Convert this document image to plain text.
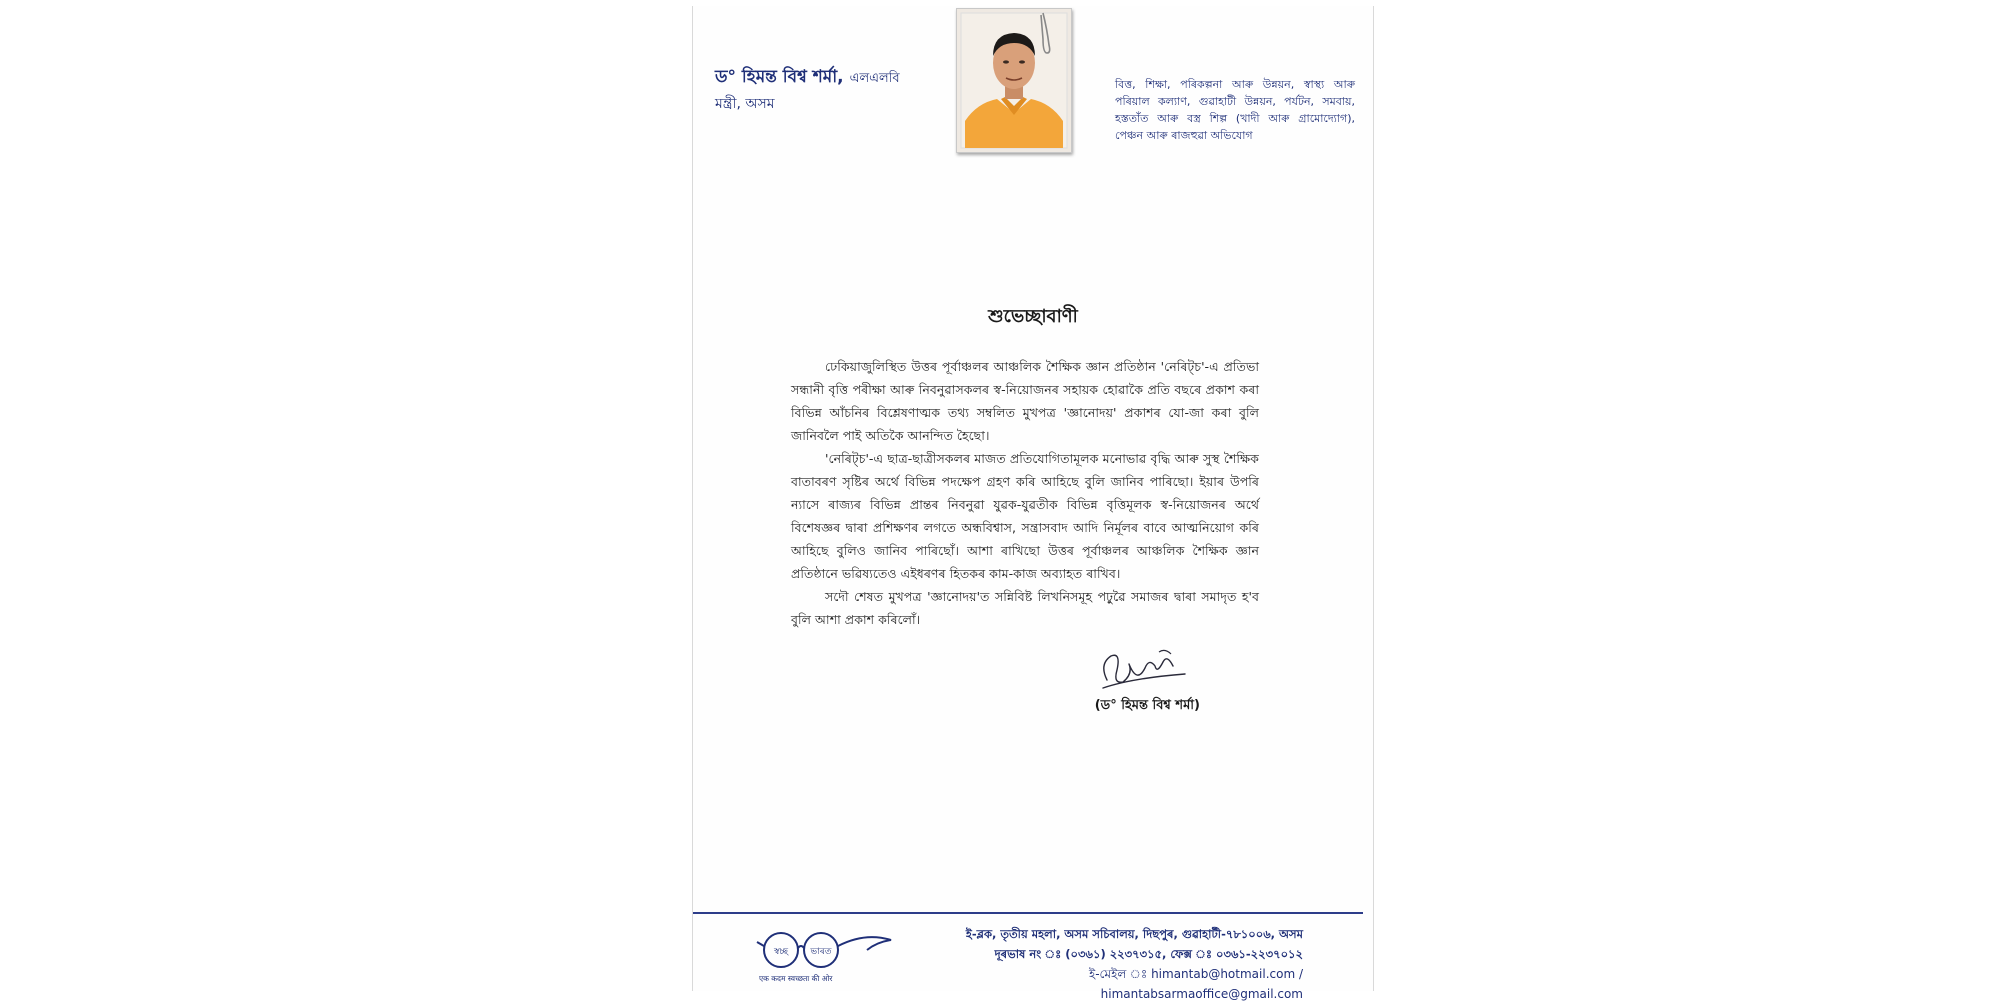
ড° হিমন্ত বিশ্ব শৰ্মা, এলএলবি
মন্ত্ৰী, অসম
বিত্ত, শিক্ষা, পৰিকল্পনা আৰু উন্নয়ন, স্বাস্থ্য আৰু
পৰিয়াল কল্যাণ, গুৱাহাটী উন্নয়ন, পৰ্যটন, সমবায়,
হস্ততাঁত আৰু বস্ত্ৰ শিল্প (খাদী আৰু গ্ৰামোদ্যোগ),
পেঞ্চন আৰু ৰাজহুৱা অভিযোগ
শুভেচ্ছাবাণী

ঢেকিয়াজুলিস্থিত উত্তৰ পূৰ্বাঞ্চলৰ আঞ্চলিক শৈক্ষিক জ্ঞান প্ৰতিষ্ঠান 'নেৰিট্চ'-এ প্ৰতিভা সন্ধানী বৃত্তি পৰীক্ষা আৰু নিবনুৱাসকলৰ স্ব-নিয়োজনৰ সহায়ক হোৱাকৈ প্ৰতি বছৰে প্ৰকাশ কৰা বিভিন্ন আঁচনিৰ বিশ্লেষণাত্মক তথ্য সম্বলিত মুখপত্ৰ 'জ্ঞানোদয়' প্ৰকাশৰ যো-জা কৰা বুলি জানিবলৈ পাই অতিকৈ আনন্দিত হৈছো।

'নেৰিট্চ'-এ ছাত্ৰ-ছাত্ৰীসকলৰ মাজত প্ৰতিযোগিতামূলক মনোভাৱ বৃদ্ধি আৰু সুস্থ শৈক্ষিক বাতাবৰণ সৃষ্টিৰ অৰ্থে বিভিন্ন পদক্ষেপ গ্ৰহণ কৰি আহিছে বুলি জানিব পাৰিছো। ইয়াৰ উপৰি ন্যাসে ৰাজ্যৰ বিভিন্ন প্ৰান্তৰ নিবনুৱা যুৱক-যুৱতীক বিভিন্ন বৃত্তিমূলক স্ব-নিয়োজনৰ অৰ্থে বিশেষজ্ঞৰ দ্বাৰা প্ৰশিক্ষণৰ লগতে অন্ধবিশ্বাস, সন্ত্ৰাসবাদ আদি নিৰ্মূলৰ বাবে আত্মনিয়োগ কৰি আহিছে বুলিও জানিব পাৰিছোঁ। আশা ৰাখিছো উত্তৰ পূৰ্বাঞ্চলৰ আঞ্চলিক শৈক্ষিক জ্ঞান প্ৰতিষ্ঠানে ভৱিষ্যতেও এইধৰণৰ হিতকৰ কাম-কাজ অব্যাহত ৰাখিব।

সদৌ শেষত মুখপত্ৰ 'জ্ঞানোদয়'ত সন্নিবিষ্ট লিখনিসমূহ পঢ়ুৱৈ সমাজৰ দ্বাৰা সমাদৃত হ'ব বুলি আশা প্ৰকাশ কৰিলোঁ।

(ড° হিমন্ত বিশ্ব শৰ্মা)
স্বচ্ছ ভাৰত
एक कदम स्वच्छता की ओर
ই-ব্লক, তৃতীয় মহলা, অসম সচিবালয়, দিছপুৰ, গুৱাহাটী-৭৮১০০৬, অসম
দূৰভাষ নং ঃ (০৩৬১) ২২৩৭৩১৫, ফেক্স ঃ ০৩৬১-২২৩৭০১২
ই-মেইল ঃ himantab@hotmail.com / himantabsarmaoffice@gmail.com
